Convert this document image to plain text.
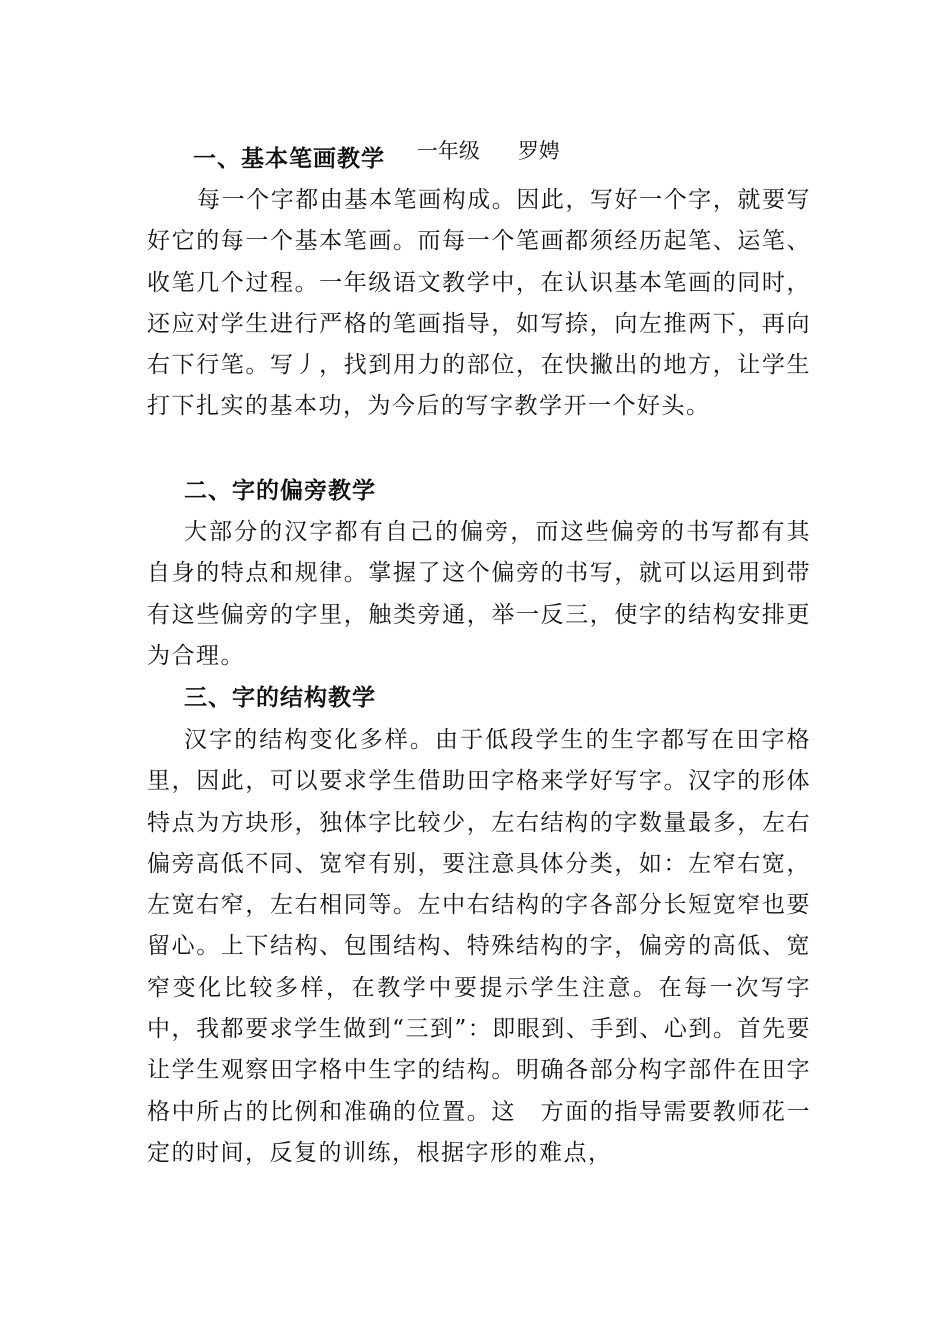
一年级 罗娉

一、基本笔画教学
每一个字都由基本笔画构成。因此，写好一个字，就要写好它的每一个基本笔画。而每一个笔画都须经历起笔、运笔、收笔几个过程。一年级语文教学中，在认识基本笔画的同时，还应对学生进行严格的笔画指导，如写捺，向左推两下，再向右下行笔。写丿，找到用力的部位，在快撇出的地方，让学生打下扎实的基本功，为今后的写字教学开一个好头。
二、字的偏旁教学
大部分的汉字都有自己的偏旁，而这些偏旁的书写都有其自身的特点和规律。掌握了这个偏旁的书写，就可以运用到带有这些偏旁的字里，触类旁通，举一反三，使字的结构安排更为合理。
三、字的结构教学
汉字的结构变化多样。由于低段学生的生字都写在田字格里，因此，可以要求学生借助田字格来学好写字。汉字的形体特点为方块形，独体字比较少，左右结构的字数量最多，左右偏旁高低不同、宽窄有别，要注意具体分类，如：左窄右宽，左宽右窄，左右相同等。左中右结构的字各部分长短宽窄也要留心。上下结构、包围结构、特殊结构的字，偏旁的高低、宽窄变化比较多样，在教学中要提示学生注意。在每一次写字中，我都要求学生做到“三到”：即眼到、手到、心到。首先要让学生观察田字格中生字的结构。明确各部分构字部件在田字格中所占的比例和准确的位置。这　方面的指导需要教师花一定的时间，反复的训练，根据字形的难点，
